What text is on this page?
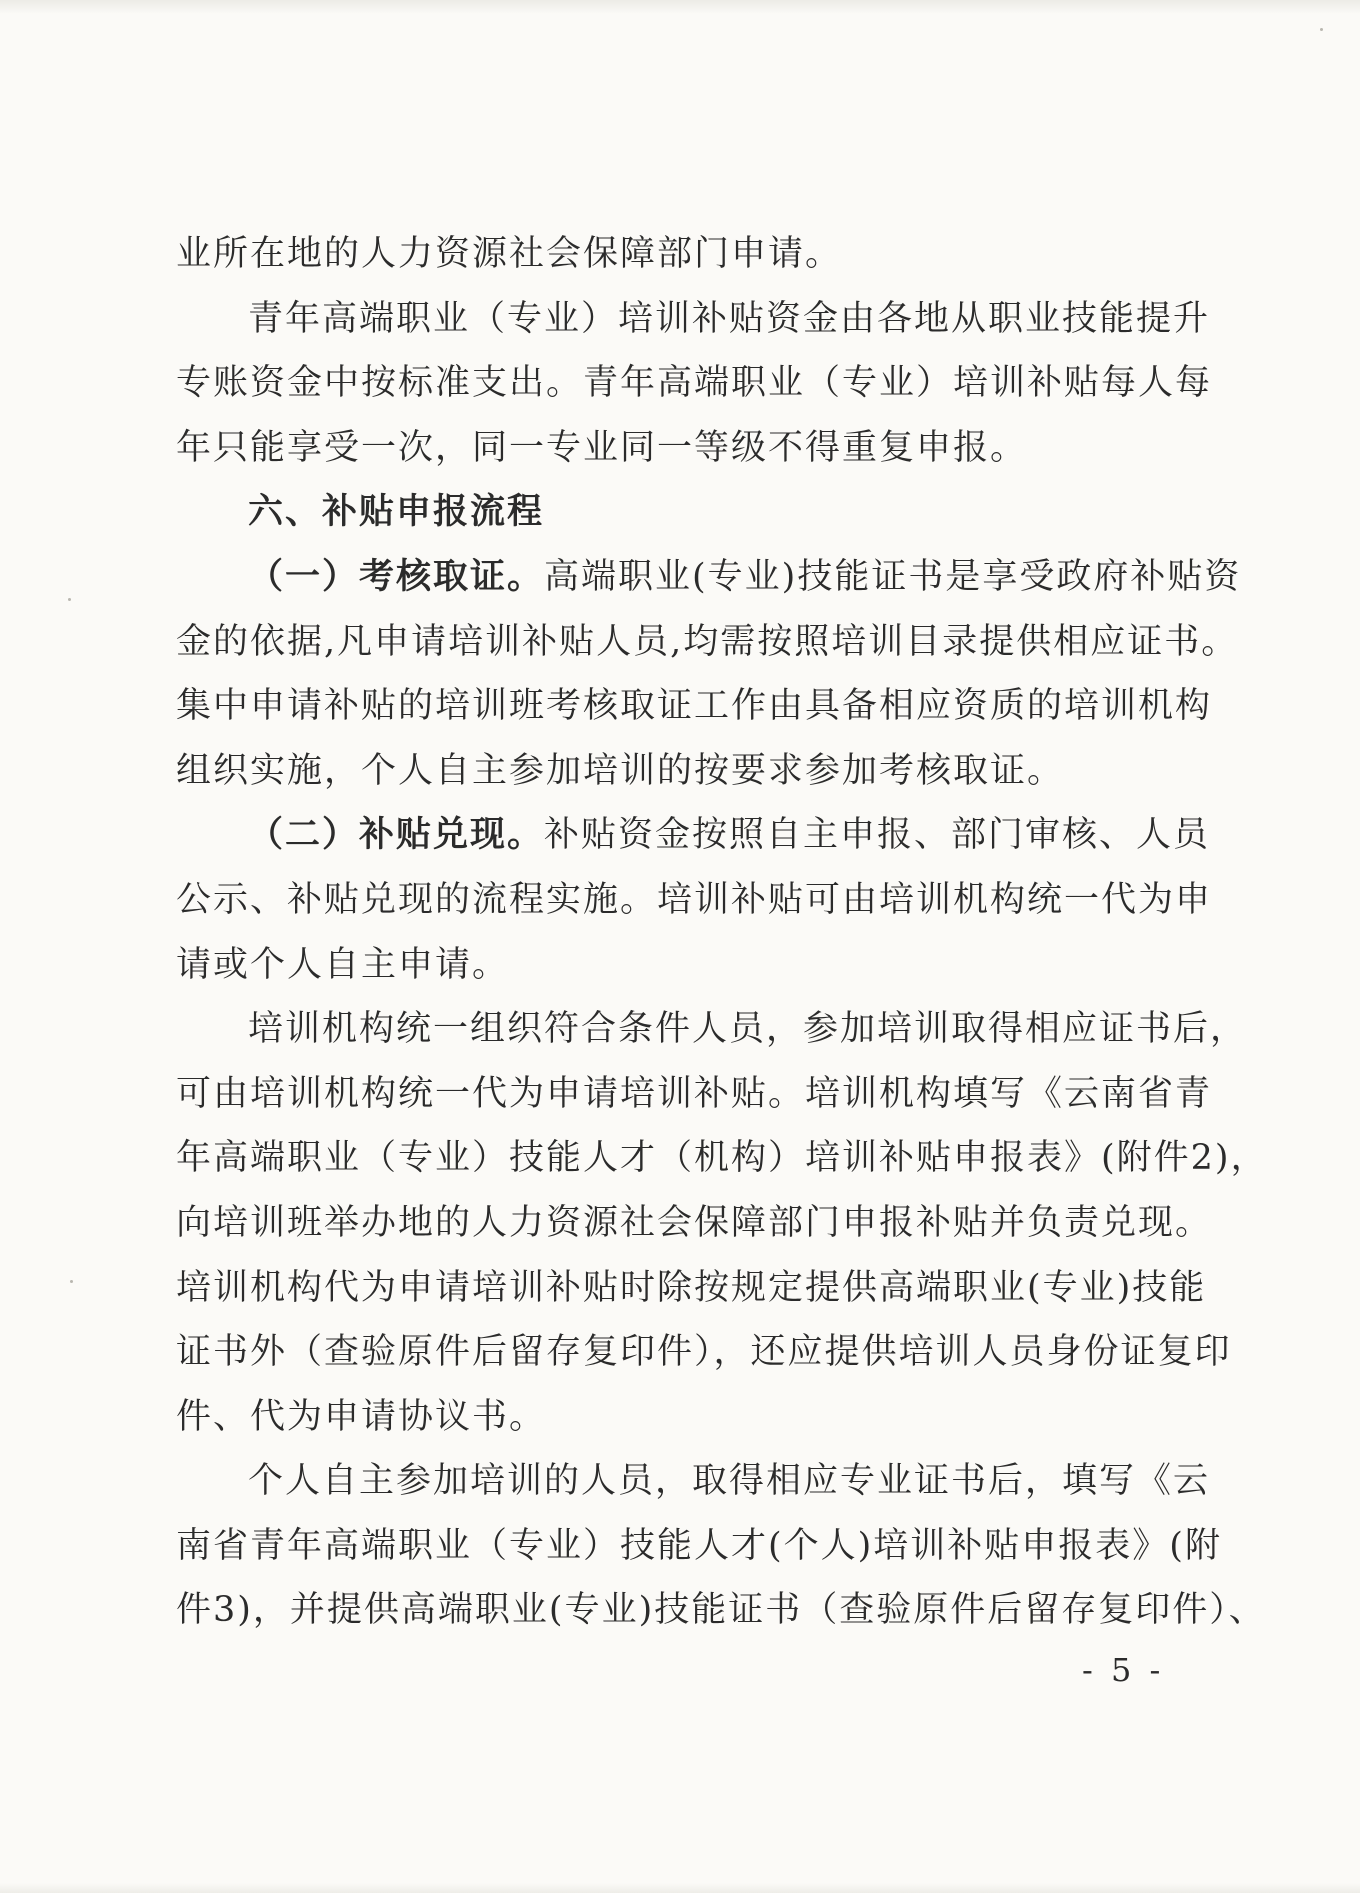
业所在地的人力资源社会保障部门申请。
青年高端职业（专业）培训补贴资金由各地从职业技能提升
专账资金中按标准支出。青年高端职业（专业）培训补贴每人每
年只能享受一次，同一专业同一等级不得重复申报。
六、补贴申报流程
（一）考核取证。高端职业(专业)技能证书是享受政府补贴资
金的依据,凡申请培训补贴人员,均需按照培训目录提供相应证书。
集中申请补贴的培训班考核取证工作由具备相应资质的培训机构
组织实施，个人自主参加培训的按要求参加考核取证。
（二）补贴兑现。补贴资金按照自主申报、部门审核、人员
公示、补贴兑现的流程实施。培训补贴可由培训机构统一代为申
请或个人自主申请。
培训机构统一组织符合条件人员，参加培训取得相应证书后，
可由培训机构统一代为申请培训补贴。培训机构填写《云南省青
年高端职业（专业）技能人才（机构）培训补贴申报表》(附件2)，
向培训班举办地的人力资源社会保障部门申报补贴并负责兑现。
培训机构代为申请培训补贴时除按规定提供高端职业(专业)技能
证书外（查验原件后留存复印件），还应提供培训人员身份证复印
件、代为申请协议书。
个人自主参加培训的人员，取得相应专业证书后，填写《云
南省青年高端职业（专业）技能人才(个人)培训补贴申报表》(附
件3)，并提供高端职业(专业)技能证书（查验原件后留存复印件）、
- 5 -
